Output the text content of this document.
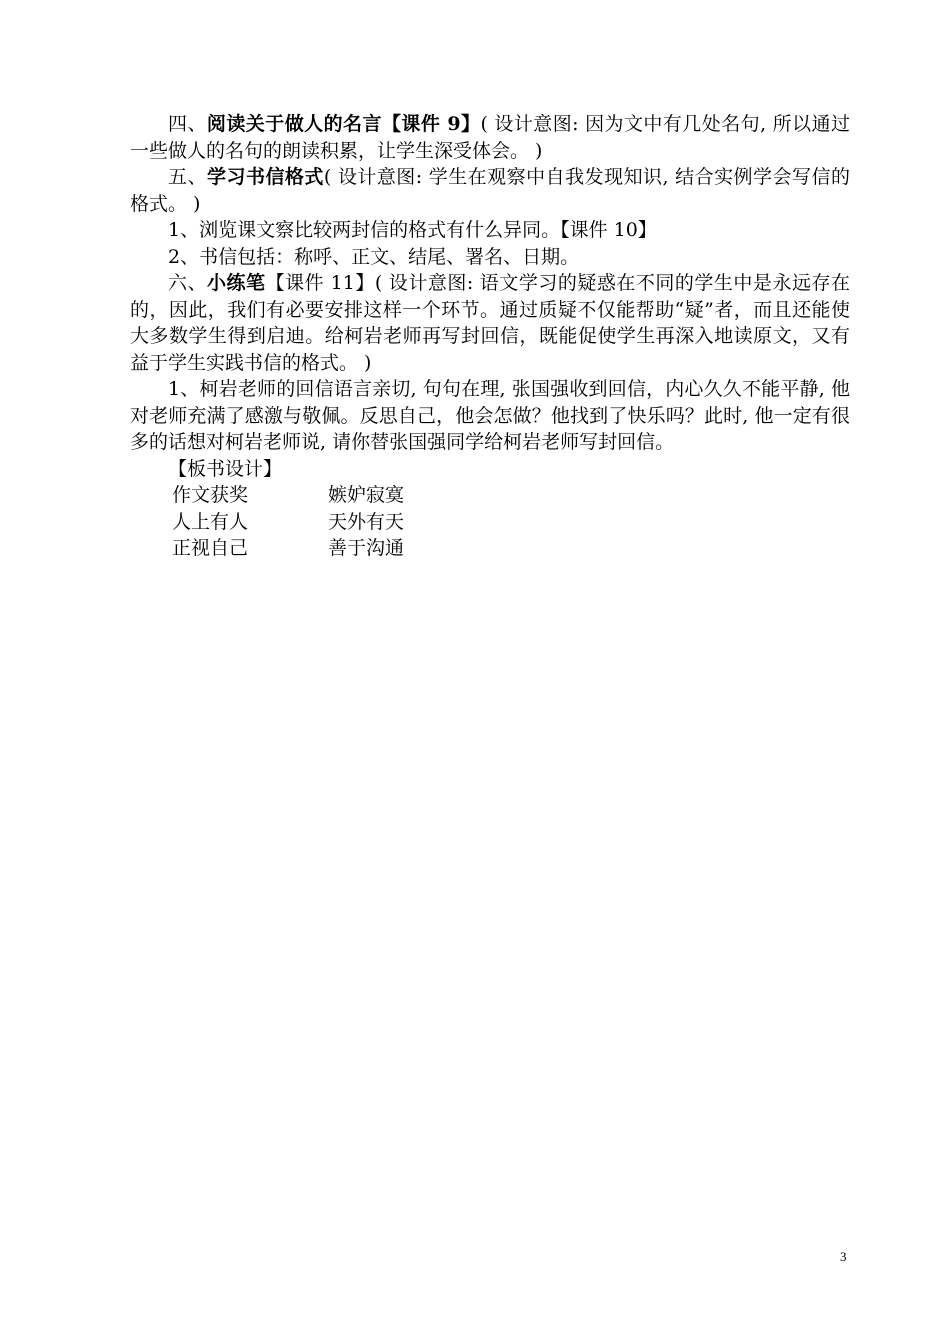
四、阅读关于做人的名言【课件 9】( 设计意图: 因为文中有几处名句, 所以通过一些做人的名句的朗读积累，让学生深受体会。 )

五、学习书信格式( 设计意图: 学生在观察中自我发现知识, 结合实例学会写信的格式。 )

1、浏览课文察比较两封信的格式有什么异同。【课件 10】

2、书信包括：称呼、正文、结尾、署名、日期。

六、小练笔【课件 11】( 设计意图: 语文学习的疑惑在不同的学生中是永远存在的，因此，我们有必要安排这样一个环节。通过质疑不仅能帮助“疑”者，而且还能使大多数学生得到启迪。给柯岩老师再写封回信，既能促使学生再深入地读原文，又有益于学生实践书信的格式。 )

1、柯岩老师的回信语言亲切, 句句在理, 张国强收到回信，内心久久不能平静, 他对老师充满了感激与敬佩。反思自己，他会怎做？他找到了快乐吗？此时, 他一定有很多的话想对柯岩老师说, 请你替张国强同学给柯岩老师写封回信。

【板书设计】

作文获奖	嫉妒寂寞
人上有人	天外有天
正视自己	善于沟通
3
